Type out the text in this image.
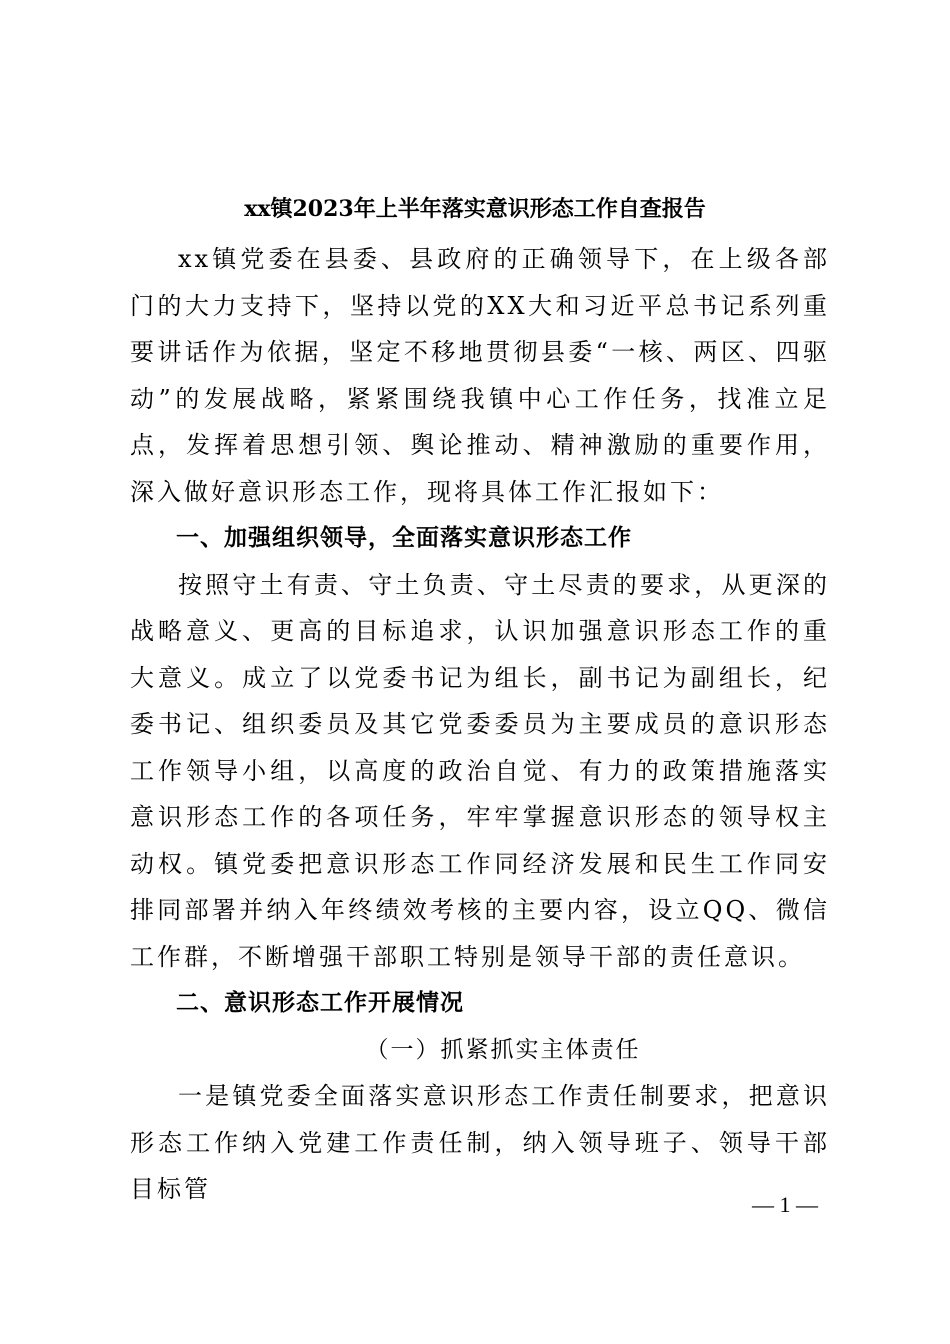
xx镇2023年上半年落实意识形态工作自查报告

xx镇党委在县委、县政府的正确领导下，在上级各部门的大力支持下，坚持以党的XX大和习近平总书记系列重要讲话作为依据，坚定不移地贯彻县委“一核、两区、四驱动”的发展战略，紧紧围绕我镇中心工作任务，找准立足点，发挥着思想引领、舆论推动、精神激励的重要作用，深入做好意识形态工作，现将具体工作汇报如下：

一、加强组织领导，全面落实意识形态工作

按照守土有责、守土负责、守土尽责的要求，从更深的战略意义、更高的目标追求，认识加强意识形态工作的重大意义。成立了以党委书记为组长，副书记为副组长，纪委书记、组织委员及其它党委委员为主要成员的意识形态工作领导小组，以高度的政治自觉、有力的政策措施落实意识形态工作的各项任务，牢牢掌握意识形态的领导权主动权。镇党委把意识形态工作同经济发展和民生工作同安排同部署并纳入年终绩效考核的主要内容，设立QQ、微信工作群，不断增强干部职工特别是领导干部的责任意识。

二、意识形态工作开展情况

（一）抓紧抓实主体责任

一是镇党委全面落实意识形态工作责任制要求，把意识形态工作纳入党建工作责任制，纳入领导班子、领导干部目标管

— 1 —
